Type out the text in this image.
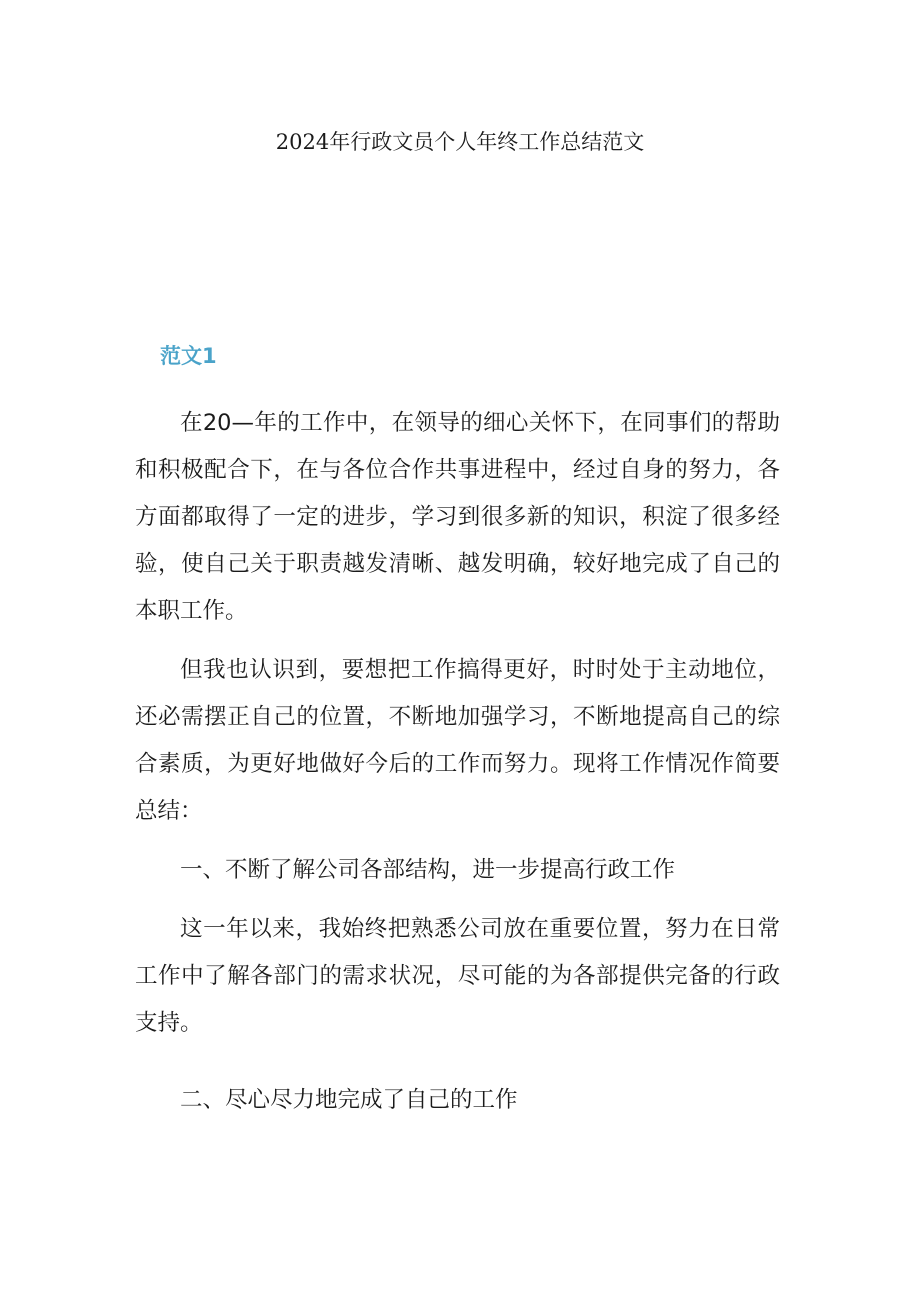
2024年行政文员个人年终工作总结范文
范文1

在20—年的工作中，在领导的细心关怀下，在同事们的帮助和积极配合下，在与各位合作共事进程中，经过自身的努力，各方面都取得了一定的进步，学习到很多新的知识，积淀了很多经验，使自己关于职责越发清晰、越发明确，较好地完成了自己的本职工作。

但我也认识到，要想把工作搞得更好，时时处于主动地位，还必需摆正自己的位置，不断地加强学习，不断地提高自己的综合素质，为更好地做好今后的工作而努力。现将工作情况作简要总结：

一、不断了解公司各部结构，进一步提高行政工作

这一年以来，我始终把熟悉公司放在重要位置，努力在日常工作中了解各部门的需求状况，尽可能的为各部提供完备的行政支持。

二、尽心尽力地完成了自己的工作
